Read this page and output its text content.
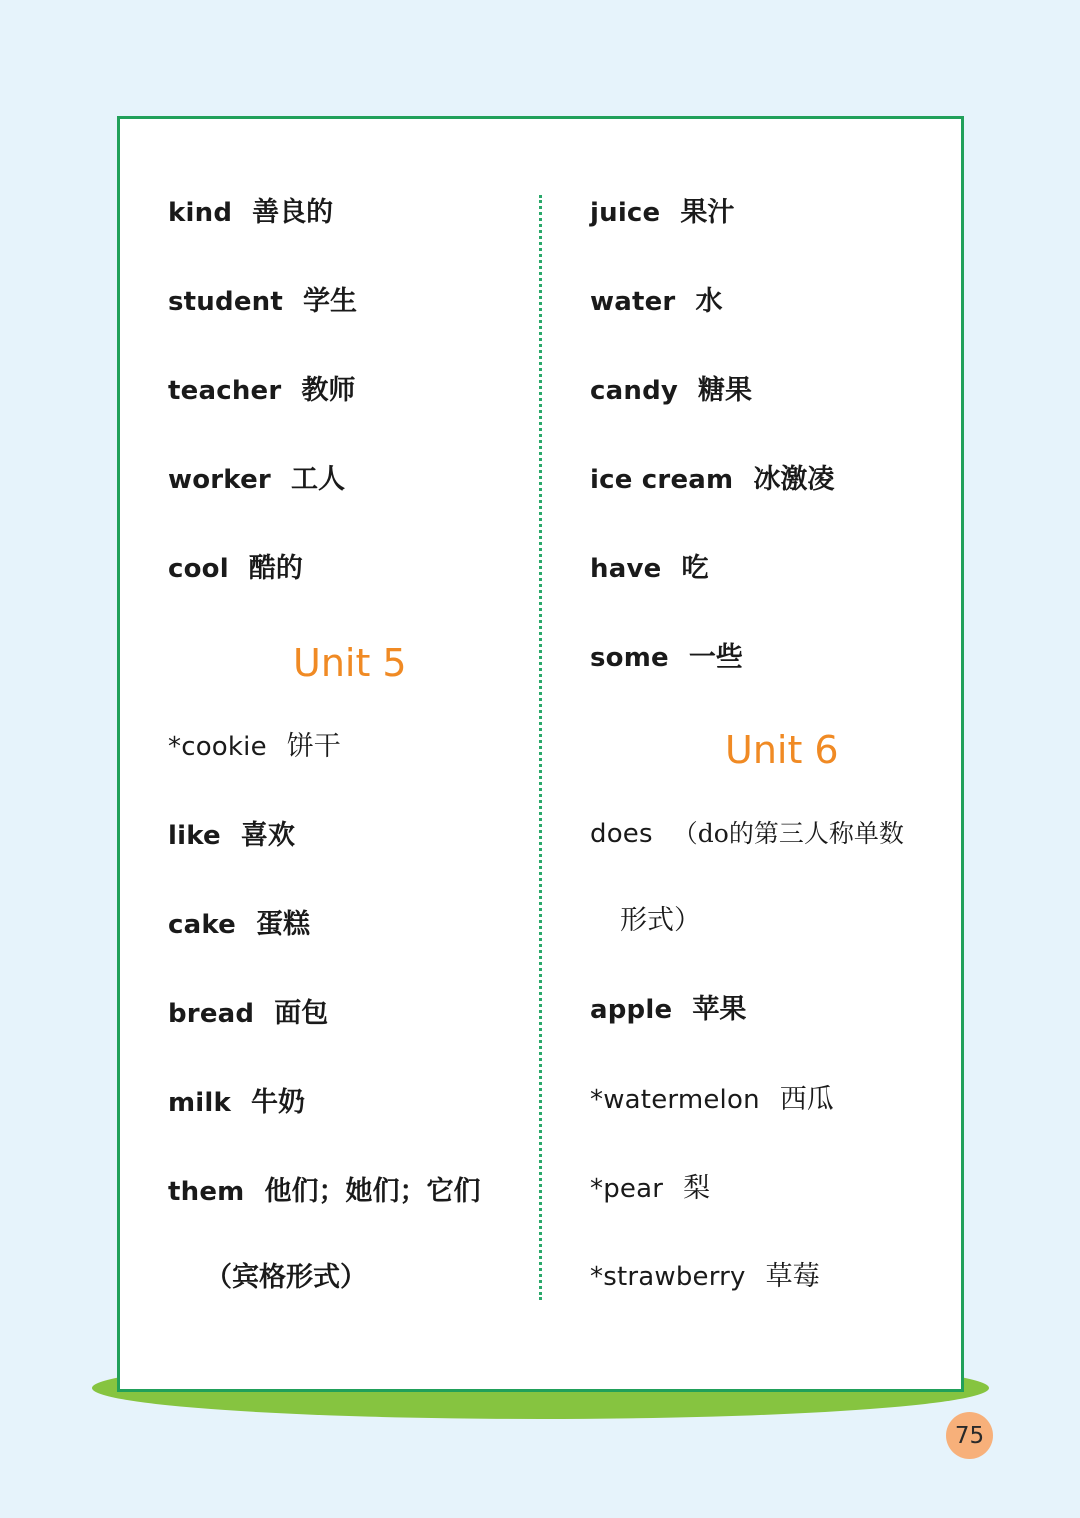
kind 善良的
student 学生
teacher 教师
worker 工人
cool 酷的
Unit 5
*cookie 饼干
like 喜欢
cake 蛋糕
bread 面包
milk 牛奶
them 他们；她们；它们
（宾格形式）
juice 果汁
water 水
candy 糖果
ice cream 冰激凌
have 吃
some 一些
Unit 6
does （do的第三人称单数
形式）
apple 苹果
*watermelon 西瓜
*pear 梨
*strawberry 草莓
75
